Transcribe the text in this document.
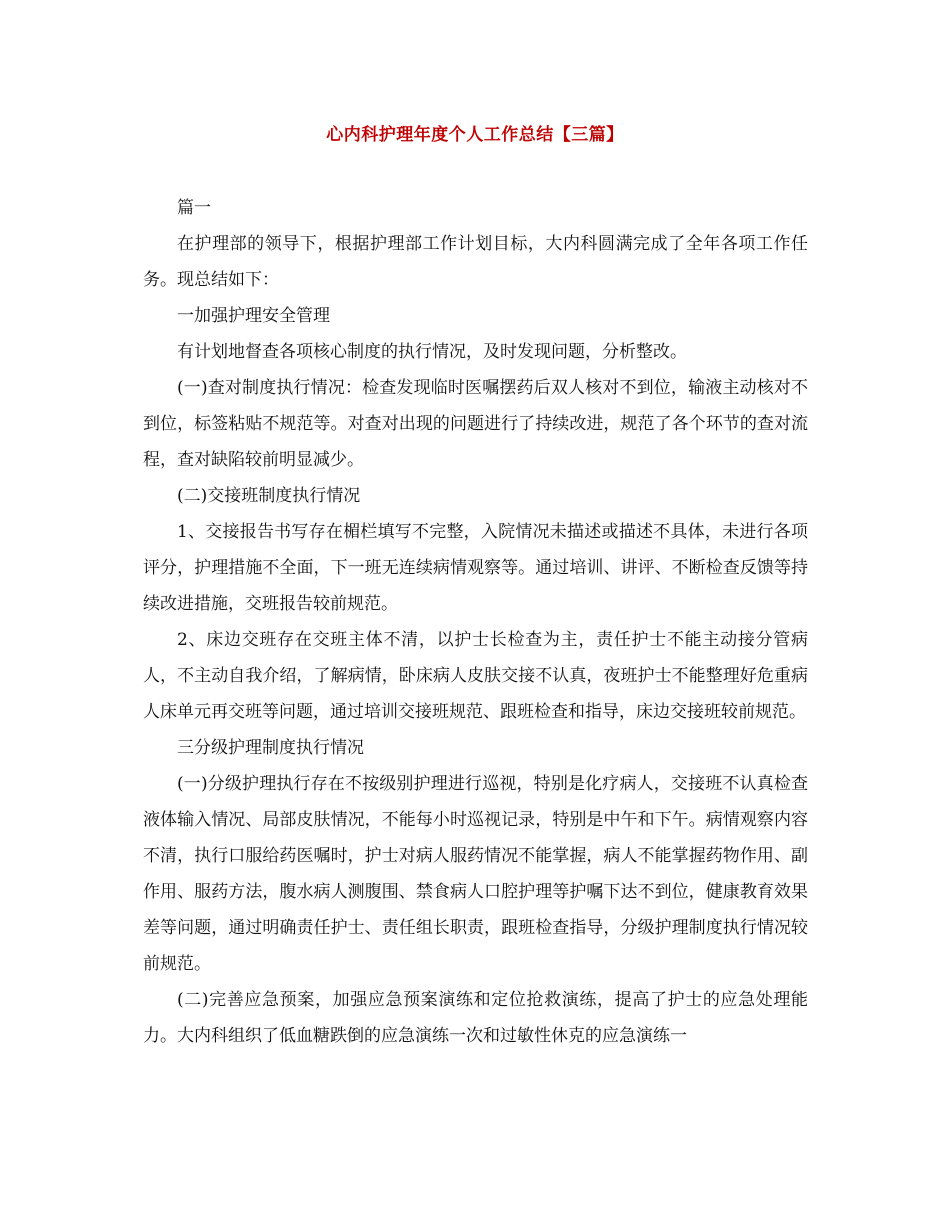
心内科护理年度个人工作总结【三篇】

篇一

在护理部的领导下，根据护理部工作计划目标，大内科圆满完成了全年各项工作任务。现总结如下：

一加强护理安全管理

有计划地督查各项核心制度的执行情况，及时发现问题，分析整改。

(一)查对制度执行情况：检查发现临时医嘱摆药后双人核对不到位，输液主动核对不到位，标签粘贴不规范等。对查对出现的问题进行了持续改进，规范了各个环节的查对流程，查对缺陷较前明显减少。

(二)交接班制度执行情况

1、交接报告书写存在楣栏填写不完整，入院情况未描述或描述不具体，未进行各项评分，护理措施不全面，下一班无连续病情观察等。通过培训、讲评、不断检查反馈等持续改进措施，交班报告较前规范。

2、床边交班存在交班主体不清，以护士长检查为主，责任护士不能主动接分管病人，不主动自我介绍，了解病情，卧床病人皮肤交接不认真，夜班护士不能整理好危重病人床单元再交班等问题，通过培训交接班规范、跟班检查和指导，床边交接班较前规范。

三分级护理制度执行情况

(一)分级护理执行存在不按级别护理进行巡视，特别是化疗病人，交接班不认真检查液体输入情况、局部皮肤情况，不能每小时巡视记录，特别是中午和下午。病情观察内容不清，执行口服给药医嘱时，护士对病人服药情况不能掌握，病人不能掌握药物作用、副作用、服药方法，腹水病人测腹围、禁食病人口腔护理等护嘱下达不到位，健康教育效果差等问题，通过明确责任护士、责任组长职责，跟班检查指导，分级护理制度执行情况较前规范。

(二)完善应急预案，加强应急预案演练和定位抢救演练，提高了护士的应急处理能力。大内科组织了低血糖跌倒的应急演练一次和过敏性休克的应急演练一
